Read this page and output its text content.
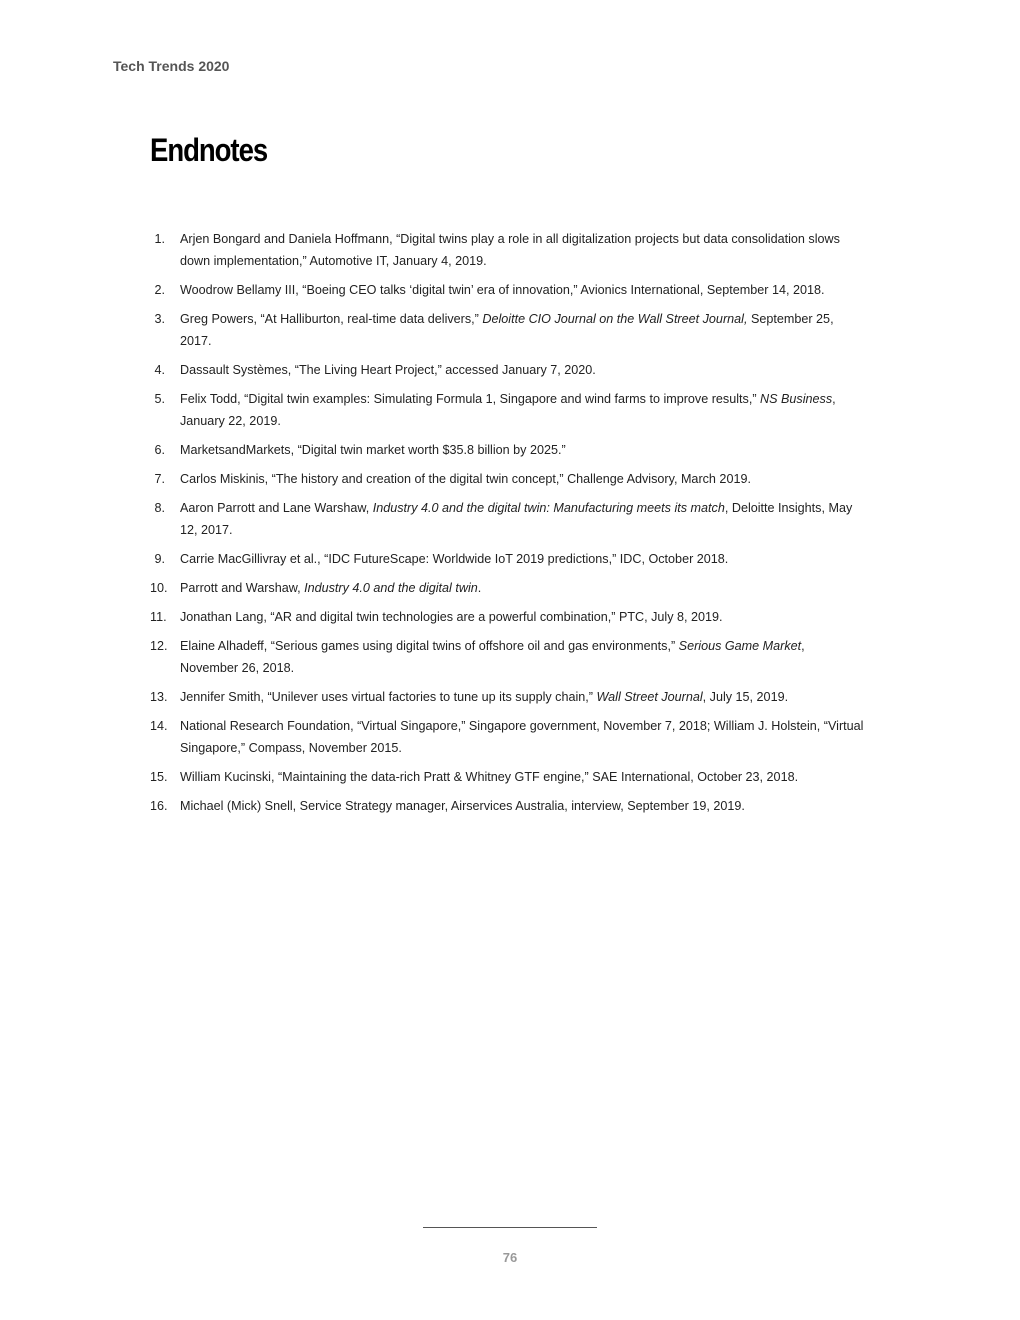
Tech Trends 2020
Endnotes
1. Arjen Bongard and Daniela Hoffmann, “Digital twins play a role in all digitalization projects but data consolidation slows down implementation,” Automotive IT, January 4, 2019.
2. Woodrow Bellamy III, “Boeing CEO talks ‘digital twin’ era of innovation,” Avionics International, September 14, 2018.
3. Greg Powers, “At Halliburton, real-time data delivers,” Deloitte CIO Journal on the Wall Street Journal, September 25, 2017.
4. Dassault Systèmes, “The Living Heart Project,” accessed January 7, 2020.
5. Felix Todd, “Digital twin examples: Simulating Formula 1, Singapore and wind farms to improve results,” NS Business, January 22, 2019.
6. MarketsandMarkets, “Digital twin market worth $35.8 billion by 2025.”
7. Carlos Miskinis, “The history and creation of the digital twin concept,” Challenge Advisory, March 2019.
8. Aaron Parrott and Lane Warshaw, Industry 4.0 and the digital twin: Manufacturing meets its match, Deloitte Insights, May 12, 2017.
9. Carrie MacGillivray et al., “IDC FutureScape: Worldwide IoT 2019 predictions,” IDC, October 2018.
10. Parrott and Warshaw, Industry 4.0 and the digital twin.
11. Jonathan Lang, “AR and digital twin technologies are a powerful combination,” PTC, July 8, 2019.
12. Elaine Alhadeff, “Serious games using digital twins of offshore oil and gas environments,” Serious Game Market, November 26, 2018.
13. Jennifer Smith, “Unilever uses virtual factories to tune up its supply chain,” Wall Street Journal, July 15, 2019.
14. National Research Foundation, “Virtual Singapore,” Singapore government, November 7, 2018; William J. Holstein, “Virtual Singapore,” Compass, November 2015.
15. William Kucinski, “Maintaining the data-rich Pratt & Whitney GTF engine,” SAE International, October 23, 2018.
16. Michael (Mick) Snell, Service Strategy manager, Airservices Australia, interview, September 19, 2019.
76
